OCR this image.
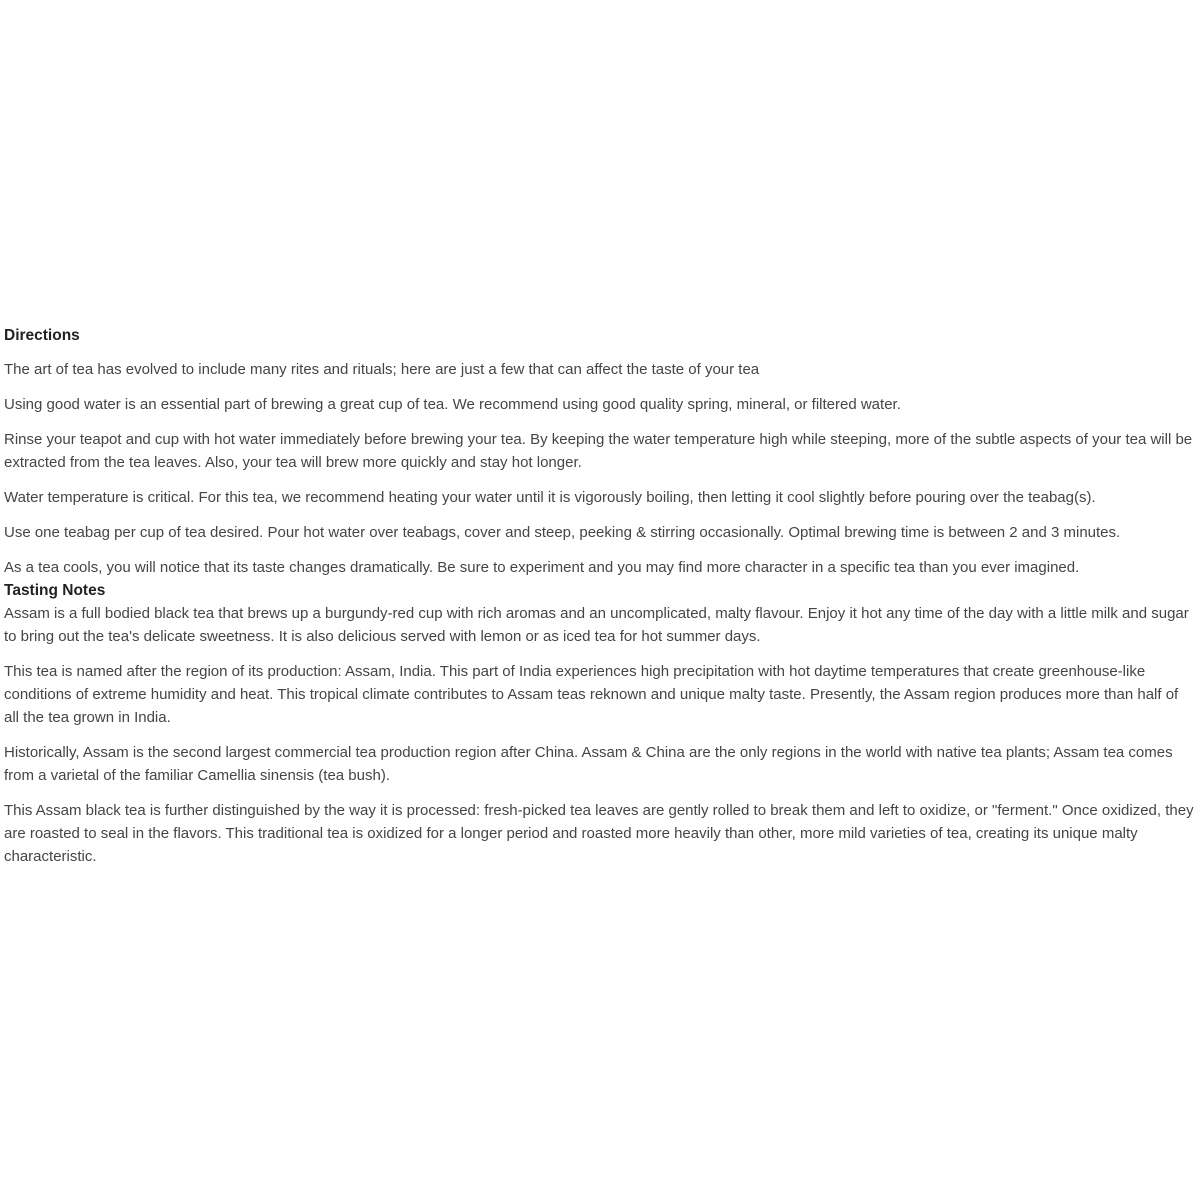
Directions

The art of tea has evolved to include many rites and rituals; here are just a few that can affect the taste of your tea

Using good water is an essential part of brewing a great cup of tea. We recommend using good quality spring, mineral, or filtered water.

Rinse your teapot and cup with hot water immediately before brewing your tea. By keeping the water temperature high while steeping, more of the subtle aspects of your tea will be extracted from the tea leaves. Also, your tea will brew more quickly and stay hot longer.

Water temperature is critical. For this tea, we recommend heating your water until it is vigorously boiling, then letting it cool slightly before pouring over the teabag(s).

Use one teabag per cup of tea desired. Pour hot water over teabags, cover and steep, peeking & stirring occasionally. Optimal brewing time is between 2 and 3 minutes.

As a tea cools, you will notice that its taste changes dramatically. Be sure to experiment and you may find more character in a specific tea than you ever imagined.

Tasting Notes

Assam is a full bodied black tea that brews up a burgundy-red cup with rich aromas and an uncomplicated, malty flavour. Enjoy it hot any time of the day with a little milk and sugar to bring out the tea's delicate sweetness. It is also delicious served with lemon or as iced tea for hot summer days.

This tea is named after the region of its production: Assam, India. This part of India experiences high precipitation with hot daytime temperatures that create greenhouse-like conditions of extreme humidity and heat. This tropical climate contributes to Assam teas reknown and unique malty taste. Presently, the Assam region produces more than half of all the tea grown in India.

Historically, Assam is the second largest commercial tea production region after China. Assam & China are the only regions in the world with native tea plants; Assam tea comes from a varietal of the familiar Camellia sinensis (tea bush).

This Assam black tea is further distinguished by the way it is processed: fresh-picked tea leaves are gently rolled to break them and left to oxidize, or "ferment." Once oxidized, they are roasted to seal in the flavors. This traditional tea is oxidized for a longer period and roasted more heavily than other, more mild varieties of tea, creating its unique malty characteristic.
